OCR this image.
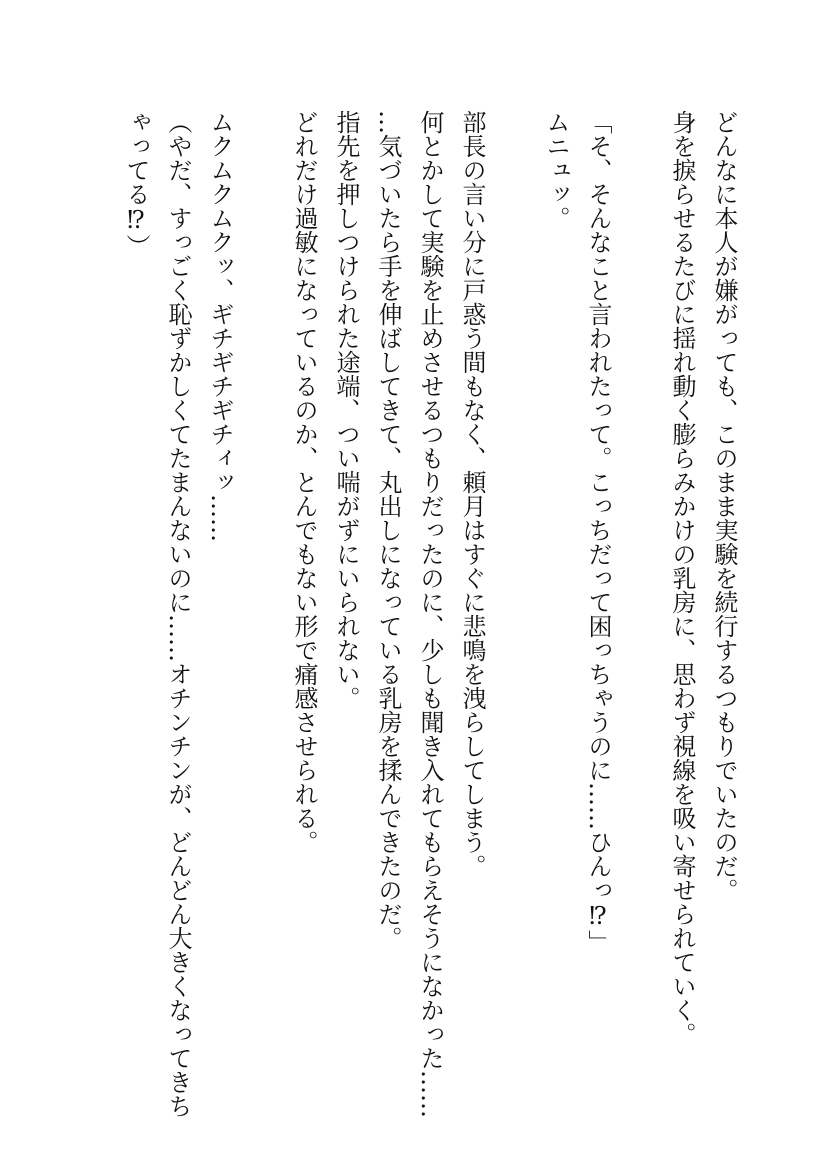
どんなに本人が嫌がっても、このまま実験を続行するつもりでいたのだ。
身を捩らせるたびに揺れ動く膨らみかけの乳房に、思わず視線を吸い寄せられていく。
「そ、そんなこと言われたって。こっちだって困っちゃうのに……ひんっ⁉」
ムニュッ。
部長の言い分に戸惑う間もなく、頼月はすぐに悲鳴を洩らしてしまう。
何とかして実験を止めさせるつもりだったのに、少しも聞き入れてもらえそうになかった……
…気づいたら手を伸ばしてきて、丸出しになっている乳房を揉んできたのだ。
指先を押しつけられた途端、つい喘がずにいられない。
どれだけ過敏になっているのか、とんでもない形で痛感させられる。
ムクムクムクッ、ギチギチギチィッ……
（やだ、すっごく恥ずかしくてたまんないのに……オチンチンが、どんどん大きくなってきち
ゃってる⁉）
